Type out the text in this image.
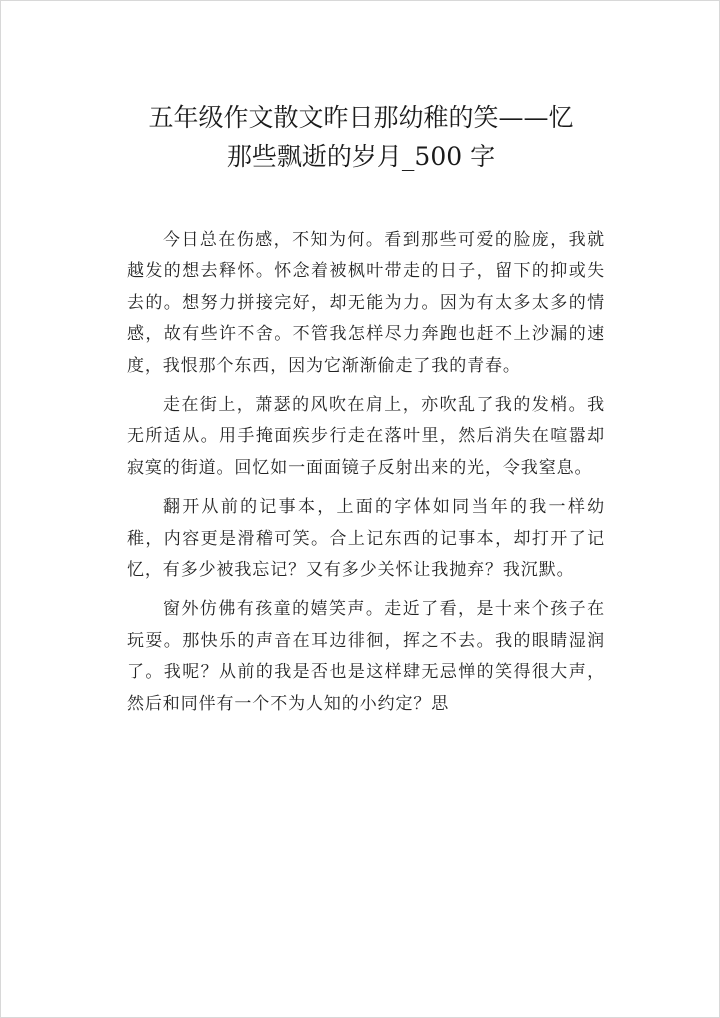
五年级作文散文昨日那幼稚的笑——忆
那些飘逝的岁月_500 字

今日总在伤感，不知为何。看到那些可爱的脸庞，我就越发的想去释怀。怀念着被枫叶带走的日子，留下的抑或失去的。想努力拼接完好，却无能为力。因为有太多太多的情感，故有些许不舍。不管我怎样尽力奔跑也赶不上沙漏的速度，我恨那个东西，因为它渐渐偷走了我的青春。

走在街上，萧瑟的风吹在肩上，亦吹乱了我的发梢。我无所适从。用手掩面疾步行走在落叶里，然后消失在喧嚣却寂寞的街道。回忆如一面面镜子反射出来的光，令我窒息。

翻开从前的记事本，上面的字体如同当年的我一样幼稚，内容更是滑稽可笑。合上记东西的记事本，却打开了记忆，有多少被我忘记？又有多少关怀让我抛弃？我沉默。

窗外仿佛有孩童的嬉笑声。走近了看，是十来个孩子在玩耍。那快乐的声音在耳边徘徊，挥之不去。我的眼睛湿润了。我呢？从前的我是否也是这样肆无忌惮的笑得很大声，然后和同伴有一个不为人知的小约定？思
